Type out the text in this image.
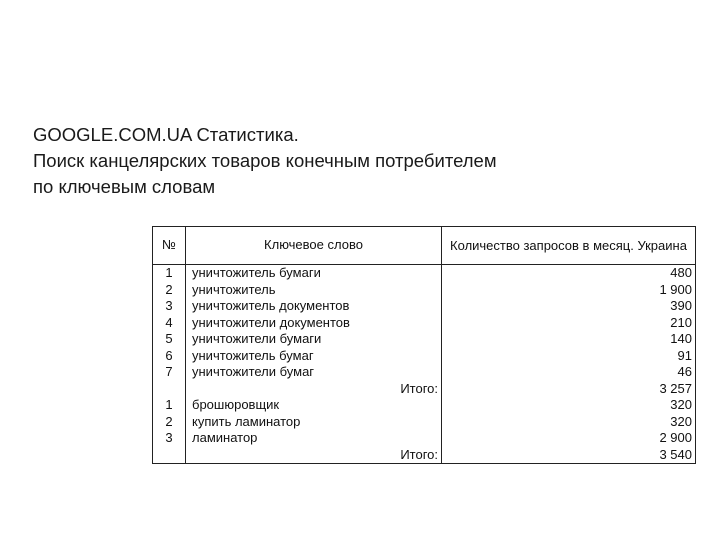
GOOGLE.COM.UA Статистика.
Поиск канцелярских товаров конечным потребителем
по ключевым словам
№	Ключевое слово	Количество запросов в месяц. Украина
1	уничтожитель бумаги	480
2	уничтожитель	1 900
3	уничтожитель документов	390
4	уничтожители документов	210
5	уничтожители бумаги	140
6	уничтожитель бумаг	91
7	уничтожители бумаг	46
	Итого:	3 257
1	брошюровщик	320
2	купить ламинатор	320
3	ламинатор	2 900
	Итого:	3 540
